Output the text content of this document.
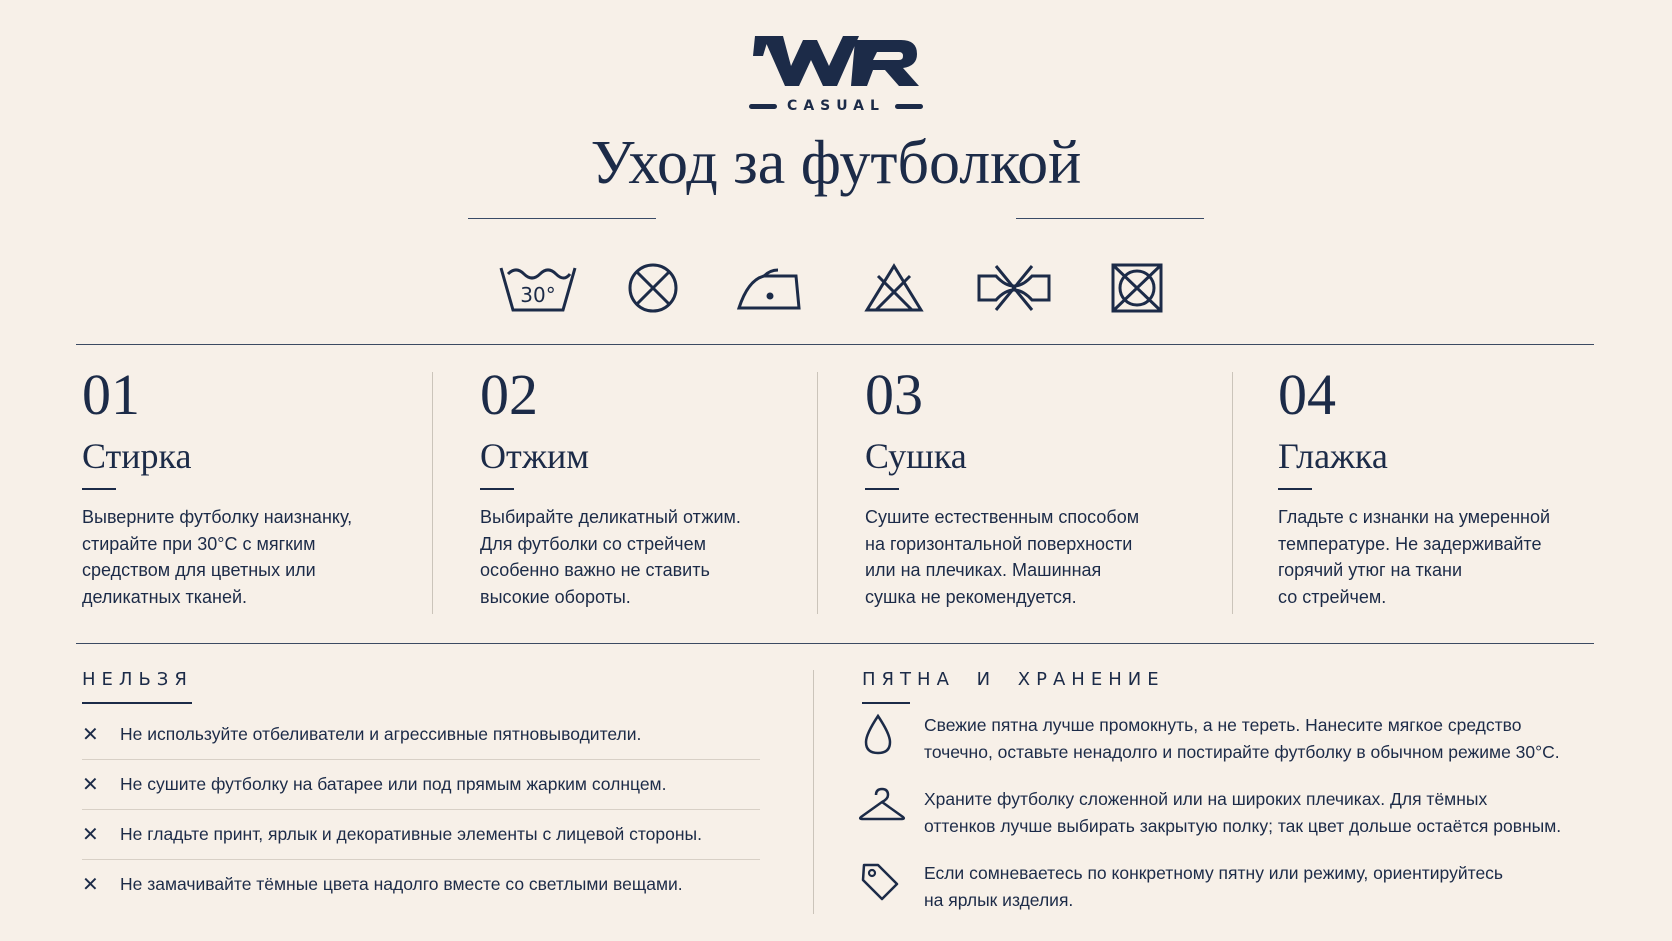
CASUAL
Уход за футболкой
30°
01
Стирка
Выверните футболку наизнанку,
стирайте при 30°C с мягким
средством для цветных или
деликатных тканей.
02
Отжим
Выбирайте деликатный отжим.
Для футболки со стрейчем
особенно важно не ставить
высокие обороты.
03
Сушка
Сушите естественным способом
на горизонтальной поверхности
или на плечиках. Машинная
сушка не рекомендуется.
04
Глажка
Гладьте с изнанки на умеренной
температуре. Не задерживайте
горячий утюг на ткани
со стрейчем.
НЕЛЬЗЯ
✕	Не используйте отбеливатели и агрессивные пятновыводители.
✕	Не сушите футболку на батарее или под прямым жарким солнцем.
✕	Не гладьте принт, ярлык и декоративные элементы с лицевой стороны.
✕	Не замачивайте тёмные цвета надолго вместе со светлыми вещами.
ПЯТНА И ХРАНЕНИЕ
Свежие пятна лучше промокнуть, а не тереть. Нанесите мягкое средство
точечно, оставьте ненадолго и постирайте футболку в обычном режиме 30°C.
Храните футболку сложенной или на широких плечиках. Для тёмных
оттенков лучше выбирать закрытую полку; так цвет дольше остаётся ровным.
Если сомневаетесь по конкретному пятну или режиму, ориентируйтесь
на ярлык изделия.
